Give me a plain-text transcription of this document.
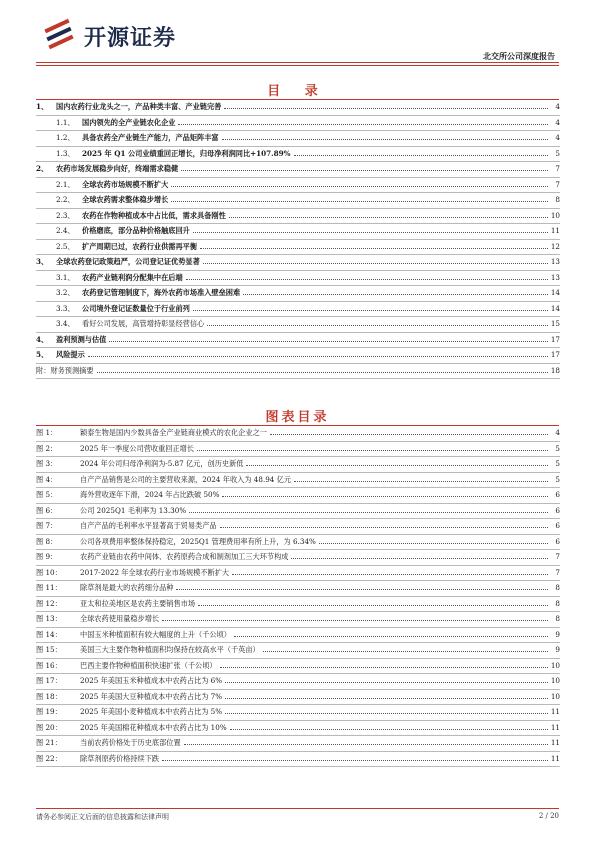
开源证券
北交所公司深度报告
目 录
1、 国内农药行业龙头之一，产品种类丰富、产业链完善	4
1.1、 国内领先的全产业链农化企业	4
1.2、 具备农药全产业链生产能力，产品矩阵丰富	4
1.3、 2025 年 Q1 公司业绩重回正增长，归母净利润同比+107.89%	5
2、 农药市场发展稳步向好，终端需求稳健	7
2.1、 全球农药市场规模不断扩大	7
2.2、 全球农药需求整体稳步增长	8
2.3、 农药在作物种植成本中占比低，需求具备刚性	10
2.4、 价格磨底，部分品种价格触底回升	11
2.5、 扩产周期已过，农药行业供需再平衡	12
3、 全球农药登记政策趋严，公司登记证优势显著	13
3.1、 农药产业链利润分配集中在后端	13
3.2、 农药登记管理制度下，海外农药市场准入壁垒困难	14
3.3、 公司境外登记证数量位于行业前列	14
3.4、 看好公司发展，高管增持彰显经营信心	15
4、 盈利预测与估值	17
5、 风险提示	17
附：财务预测摘要	18
图表目录
图 1：	颖泰生物是国内少数具备全产业链商业模式的农化企业之一	4
图 2：	2025 年一季度公司营收重回正增长	5
图 3：	2024 年公司归母净利润为-5.87 亿元，创历史新低	5
图 4：	自产产品销售是公司的主要营收来源，2024 年收入为 48.94 亿元	5
图 5：	海外营收逐年下滑，2024 年占比跌破 50%	6
图 6：	公司 2025Q1 毛利率为 13.30%	6
图 7：	自产产品的毛利率水平显著高于贸易类产品	6
图 8：	公司各项费用率整体保持稳定，2025Q1 管理费用率有所上升，为 6.34%	6
图 9：	农药产业链由农药中间体、农药原药合成和制剂加工三大环节构成	7
图 10：	2017-2022 年全球农药行业市场规模不断扩大	7
图 11：	除草剂是最大的农药细分品种	8
图 12：	亚太和拉美地区是农药主要销售市场	8
图 13：	全球农药使用量稳步增长	8
图 14：	中国玉米种植面积有较大幅度的上升（千公顷）	9
图 15：	美国三大主要作物种植面积均保持在较高水平（千英亩）	9
图 16：	巴西主要作物种植面积快速扩张（千公顷）	10
图 17：	2025 年美国玉米种植成本中农药占比为 6%	10
图 18：	2025 年美国大豆种植成本中农药占比为 7%	10
图 19：	2025 年美国小麦种植成本中农药占比为 5%	11
图 20：	2025 年美国棉花种植成本中农药占比为 10%	11
图 21：	当前农药价格处于历史底部位置	11
图 22：	除草剂原药价格持续下跌	11
请务必参阅正文后面的信息披露和法律声明	2 / 20
